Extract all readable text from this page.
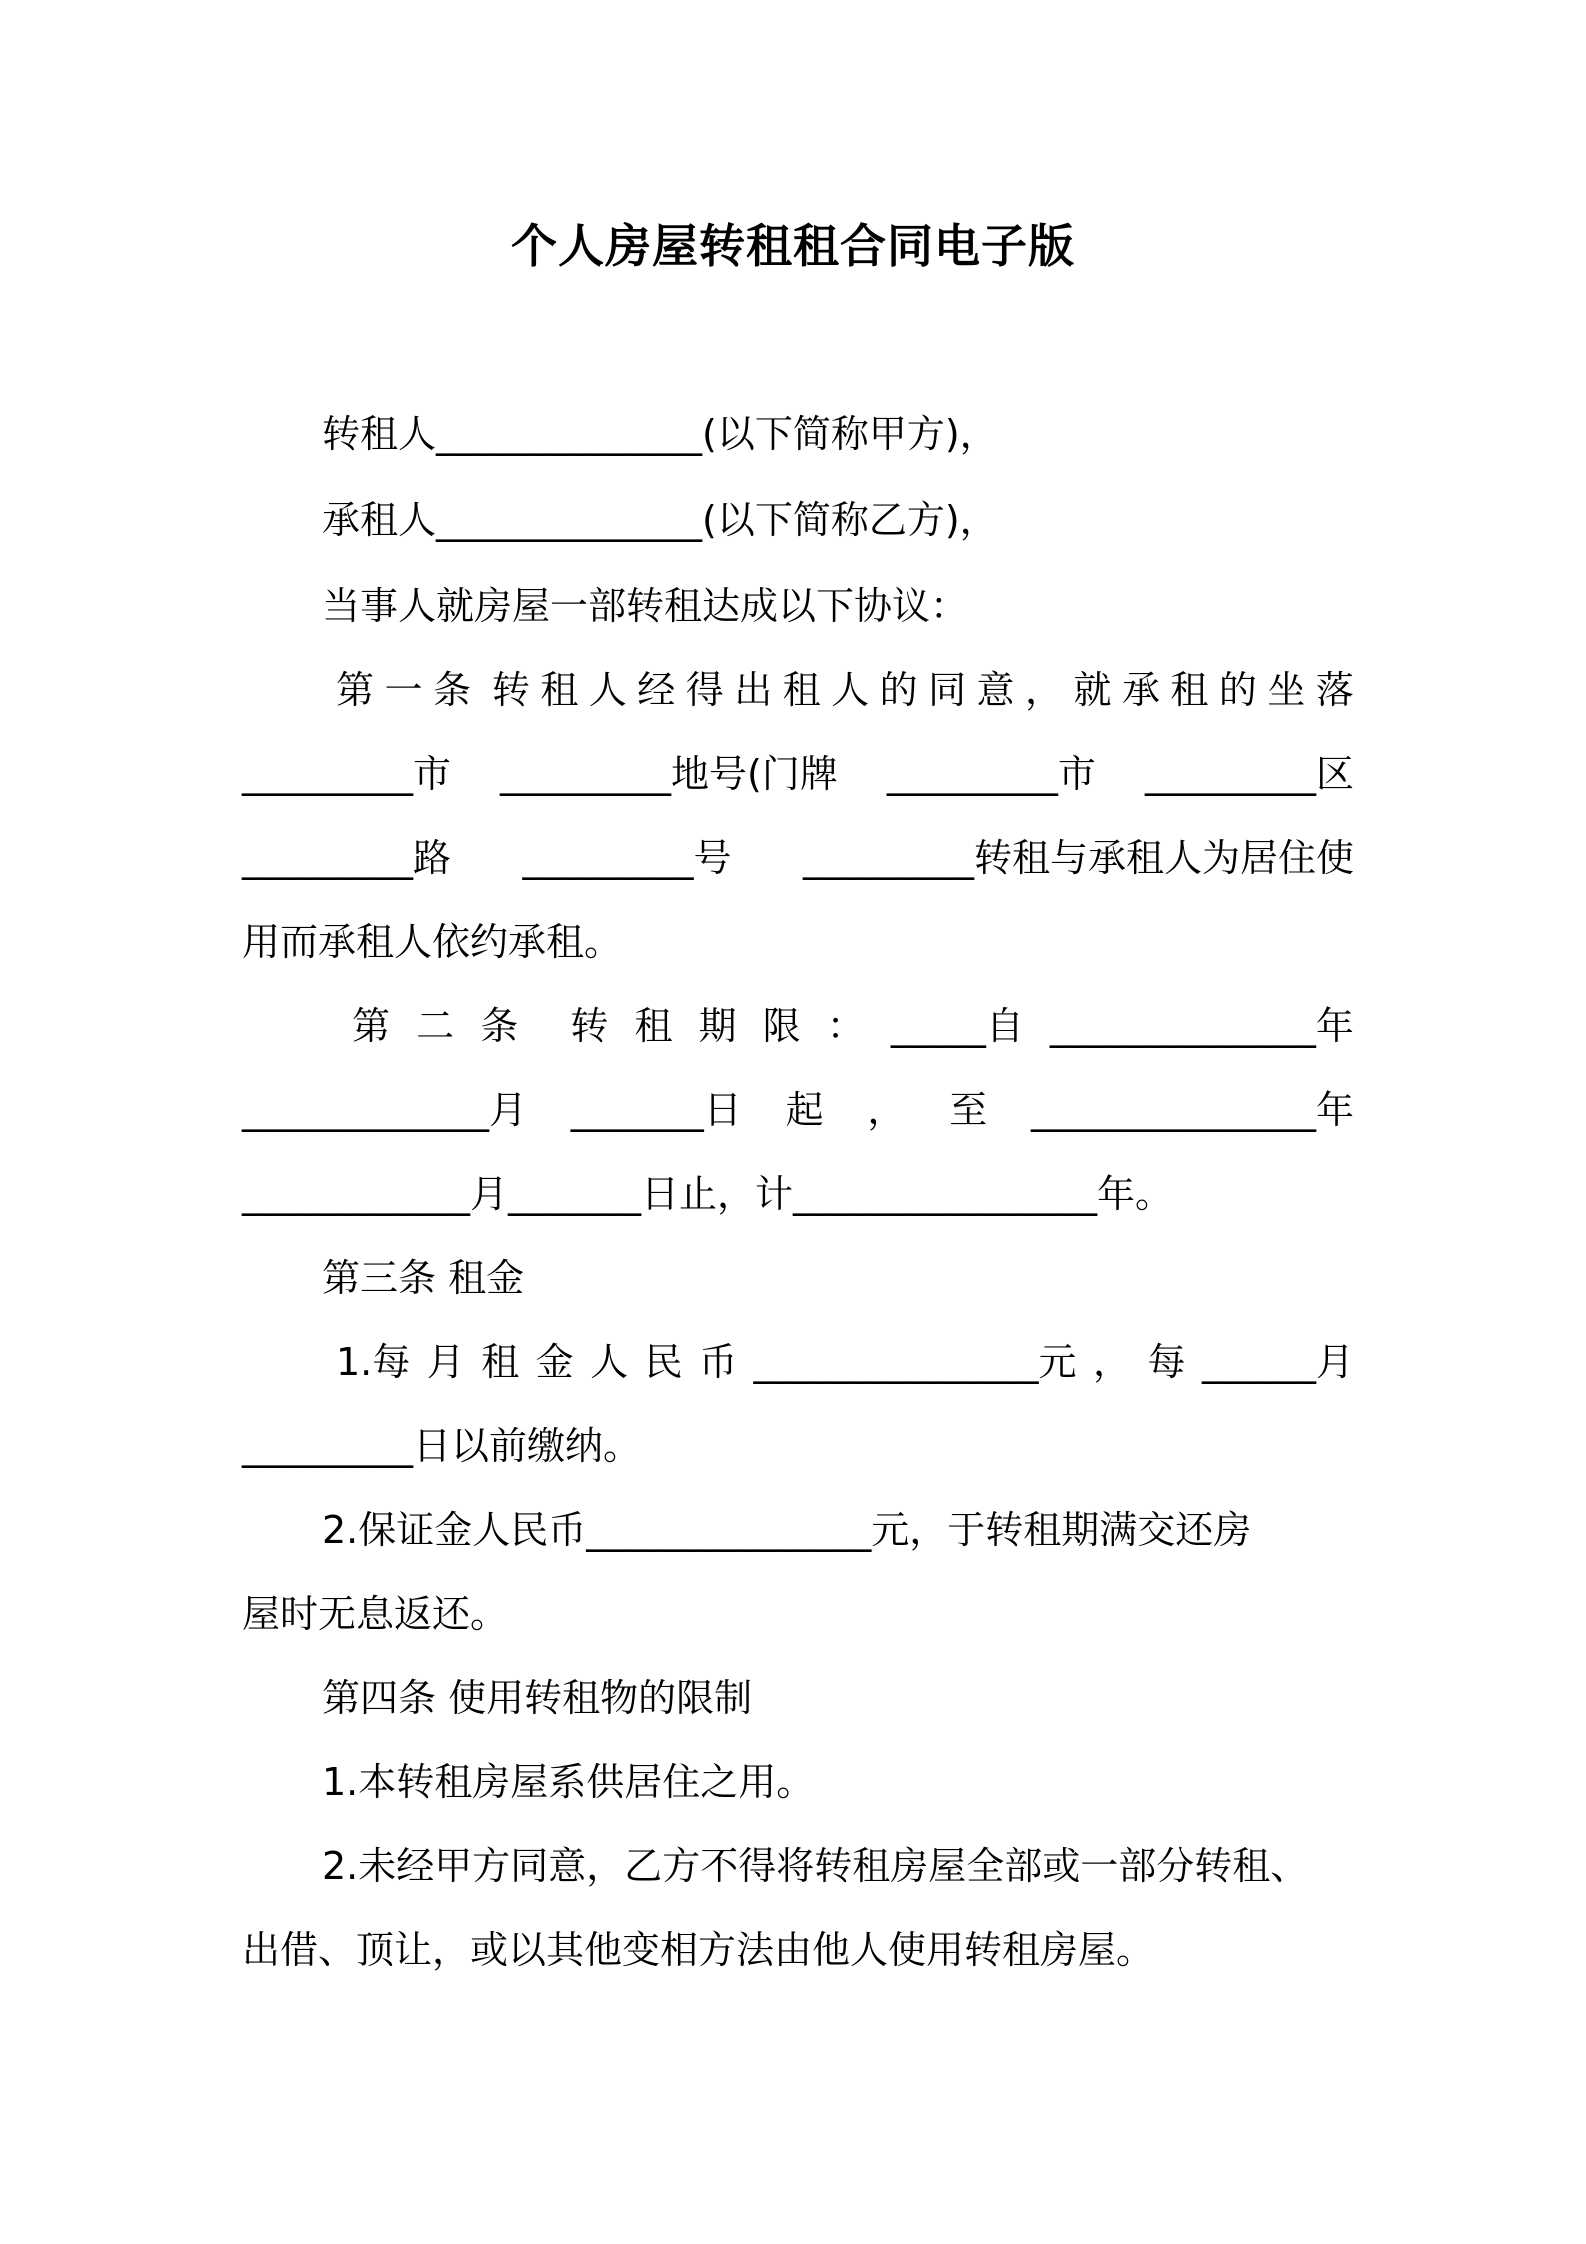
个人房屋转租租合同电子版
转租人______________(以下简称甲方)，
承租人______________(以下简称乙方)，
当事人就房屋一部转租达成以下协议：
第 一 条 转 租 人 经 得 出 租 人 的 同 意 ， 就 承 租 的 坐 落
_________市 _________地号(门牌 _________市 _________区
_________路 _________号 _________转租与承租人为居住使
用而承租人依约承租。
第 二 条 转 租 期 限 ： _____自 ______________年
_____________月 _______日 起 ， 至 _______________年
____________月_______日止，计________________年。
第三条 租金
1.每 月 租 金 人 民 币 _______________元 ， 每 ______月
_________日以前缴纳。
2.保证金人民币_______________元，于转租期满交还房
屋时无息返还。
第四条 使用转租物的限制
1.本转租房屋系供居住之用。
2.未经甲方同意，乙方不得将转租房屋全部或一部分转租、
出借、顶让，或以其他变相方法由他人使用转租房屋。
